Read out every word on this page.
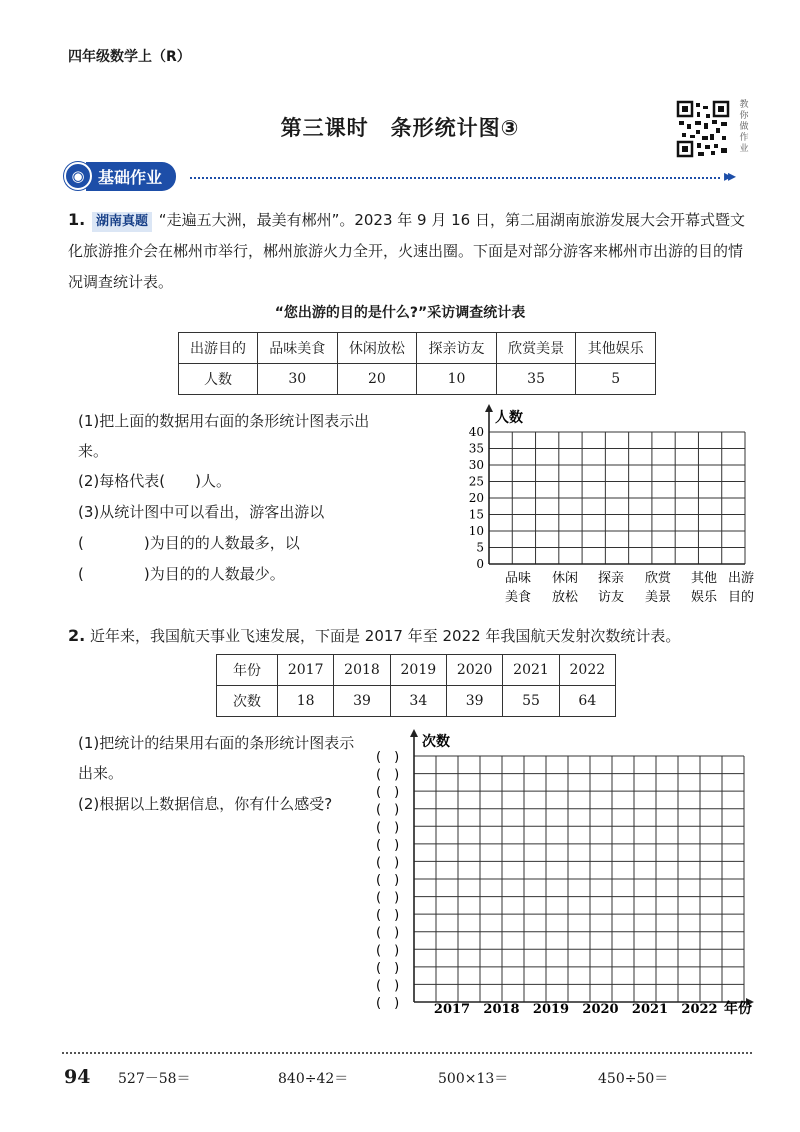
四年级数学上（R）
第三课时 条形统计图③
教你做作业
◉ 基础作业	▸▸
1. 湖南真题 “走遍五大洲，最美有郴州”。2023 年 9 月 16 日，第二届湖南旅游发展大会开幕式暨文化旅游推介会在郴州市举行，郴州旅游火力全开，火速出圈。下面是对部分游客来郴州市出游的目的情况调查统计表。
“您出游的目的是什么?”采访调查统计表
出游目的	品味美食	休闲放松	探亲访友	欣赏美景	其他娱乐
人数	30	20	10	35	5
(1)把上面的数据用右面的条形统计图表示出来。
(2)每格代表(　　)人。
(3)从统计图中可以看出，游客出游以
(　　　　)为目的的人数最多，以
(　　　　)为目的的人数最少。
人数
40
35
30
25
20
15
10
5
0
品味
美食
休闲
放松
探亲
访友
欣赏
美景
其他
娱乐
出游
目的
2. 近年来，我国航天事业飞速发展，下面是 2017 年至 2022 年我国航天发射次数统计表。
年份	2017	2018	2019	2020	2021	2022
次数	18	39	34	39	55	64
(1)把统计的结果用右面的条形统计图表示出来。
(2)根据以上数据信息，你有什么感受?
次数
(　)
(　)
(　)
(　)
(　)
(　)
(　)
(　)
(　)
(　)
(　)
(　)
(　)
(　)
(　)	2017 2018 2019 2020 2021 2022 年份
94 527－58＝	840÷42＝	500×13＝	450÷50＝
